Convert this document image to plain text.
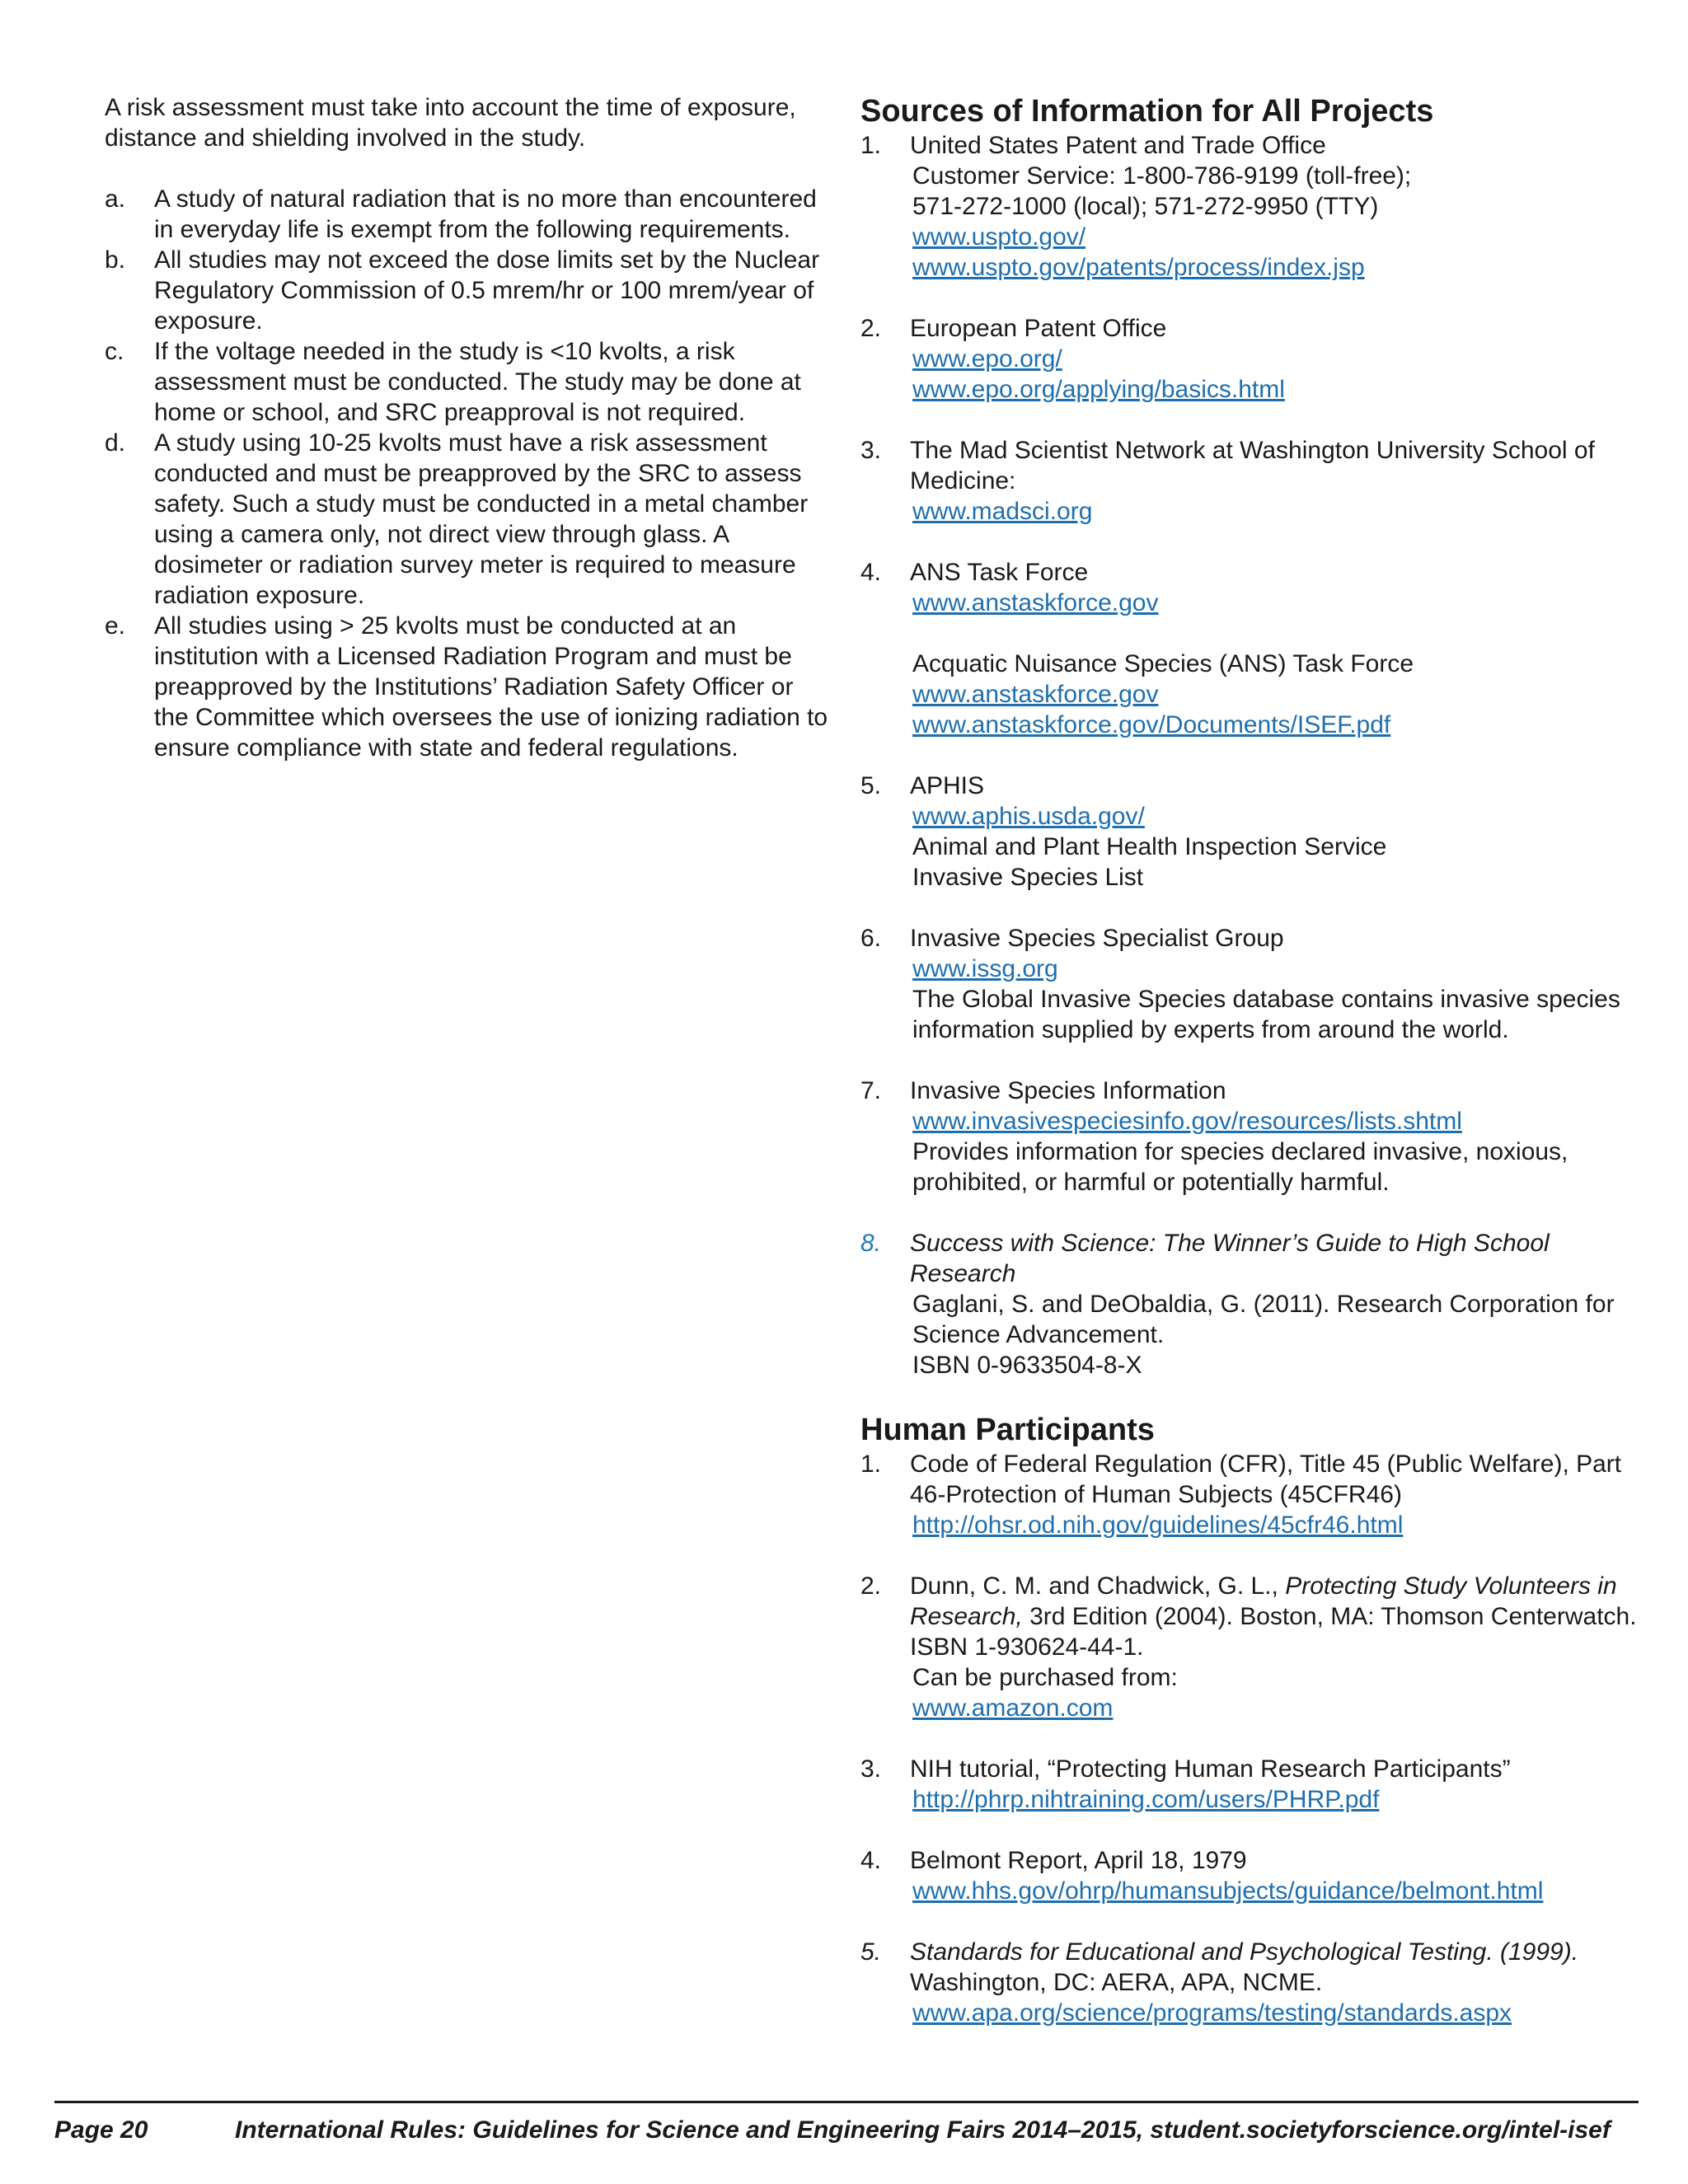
A risk assessment must take into account the time of exposure, distance and shielding involved in the study.

a. A study of natural radiation that is no more than encountered in everyday life is exempt from the following requirements.
b. All studies may not exceed the dose limits set by the Nuclear Regulatory Commission of 0.5 mrem/hr or 100 mrem/year of exposure.
c. If the voltage needed in the study is <10 kvolts, a risk assessment must be conducted. The study may be done at home or school, and SRC preapproval is not required.
d. A study using 10-25 kvolts must have a risk assessment conducted and must be preapproved by the SRC to assess safety. Such a study must be conducted in a metal chamber using a camera only, not direct view through glass. A dosimeter or radiation survey meter is required to measure radiation exposure.
e. All studies using > 25 kvolts must be conducted at an institution with a Licensed Radiation Program and must be preapproved by the Institutions’ Radiation Safety Officer or the Committee which oversees the use of ionizing radiation to ensure compliance with state and federal regulations.
Sources of Information for All Projects
1. United States Patent and Trade Office
Customer Service: 1-800-786-9199 (toll-free);
571-272-1000 (local); 571-272-9950 (TTY)
www.uspto.gov/
www.uspto.gov/patents/process/index.jsp
2. European Patent Office
www.epo.org/
www.epo.org/applying/basics.html
3. The Mad Scientist Network at Washington University School of Medicine:
www.madsci.org
4. ANS Task Force
www.anstaskforce.gov
Acquatic Nuisance Species (ANS) Task Force
www.anstaskforce.gov
www.anstaskforce.gov/Documents/ISEF.pdf
5. APHIS
www.aphis.usda.gov/
Animal and Plant Health Inspection Service
Invasive Species List
6. Invasive Species Specialist Group
www.issg.org
The Global Invasive Species database contains invasive species information supplied by experts from around the world.
7. Invasive Species Information
www.invasivespeciesinfo.gov/resources/lists.shtml
Provides information for species declared invasive, noxious, prohibited, or harmful or potentially harmful.
8. Success with Science: The Winner’s Guide to High School Research
Gaglani, S. and DeObaldia, G. (2011). Research Corporation for Science Advancement.
ISBN 0-9633504-8-X
Human Participants
1. Code of Federal Regulation (CFR), Title 45 (Public Welfare), Part 46-Protection of Human Subjects (45CFR46)
http://ohsr.od.nih.gov/guidelines/45cfr46.html
2. Dunn, C. M. and Chadwick, G. L., Protecting Study Volunteers in Research, 3rd Edition (2004). Boston, MA: Thomson Centerwatch. ISBN 1-930624-44-1.
Can be purchased from:
www.amazon.com
3. NIH tutorial, “Protecting Human Research Participants”
http://phrp.nihtraining.com/users/PHRP.pdf
4. Belmont Report, April 18, 1979
www.hhs.gov/ohrp/humansubjects/guidance/belmont.html
5. Standards for Educational and Psychological Testing. (1999).
Washington, DC: AERA, APA, NCME.
www.apa.org/science/programs/testing/standards.aspx
Page 20	International Rules: Guidelines for Science and Engineering Fairs 2014–2015, student.societyforscience.org/intel-isef
